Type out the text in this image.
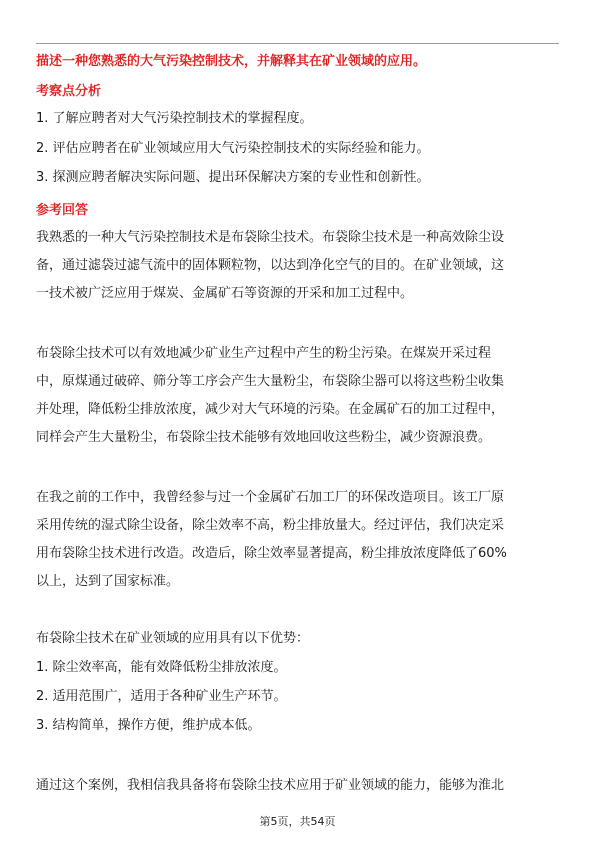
描述一种您熟悉的大气污染控制技术，并解释其在矿业领域的应用。
考察点分析
1. 了解应聘者对大气污染控制技术的掌握程度。
2. 评估应聘者在矿业领域应用大气污染控制技术的实际经验和能力。
3. 探测应聘者解决实际问题、提出环保解决方案的专业性和创新性。
参考回答
我熟悉的一种大气污染控制技术是布袋除尘技术。布袋除尘技术是一种高效除尘设
备，通过滤袋过滤气流中的固体颗粒物，以达到净化空气的目的。在矿业领域，这
一技术被广泛应用于煤炭、金属矿石等资源的开采和加工过程中。
布袋除尘技术可以有效地减少矿业生产过程中产生的粉尘污染。在煤炭开采过程
中，原煤通过破碎、筛分等工序会产生大量粉尘，布袋除尘器可以将这些粉尘收集
并处理，降低粉尘排放浓度，减少对大气环境的污染。在金属矿石的加工过程中，
同样会产生大量粉尘，布袋除尘技术能够有效地回收这些粉尘，减少资源浪费。
在我之前的工作中，我曾经参与过一个金属矿石加工厂的环保改造项目。该工厂原
采用传统的湿式除尘设备，除尘效率不高，粉尘排放量大。经过评估，我们决定采
用布袋除尘技术进行改造。改造后，除尘效率显著提高，粉尘排放浓度降低了60%
以上，达到了国家标准。
布袋除尘技术在矿业领域的应用具有以下优势：
1. 除尘效率高，能有效降低粉尘排放浓度。
2. 适用范围广，适用于各种矿业生产环节。
3. 结构简单，操作方便，维护成本低。
通过这个案例，我相信我具备将布袋除尘技术应用于矿业领域的能力，能够为淮北
第5页，共54页
